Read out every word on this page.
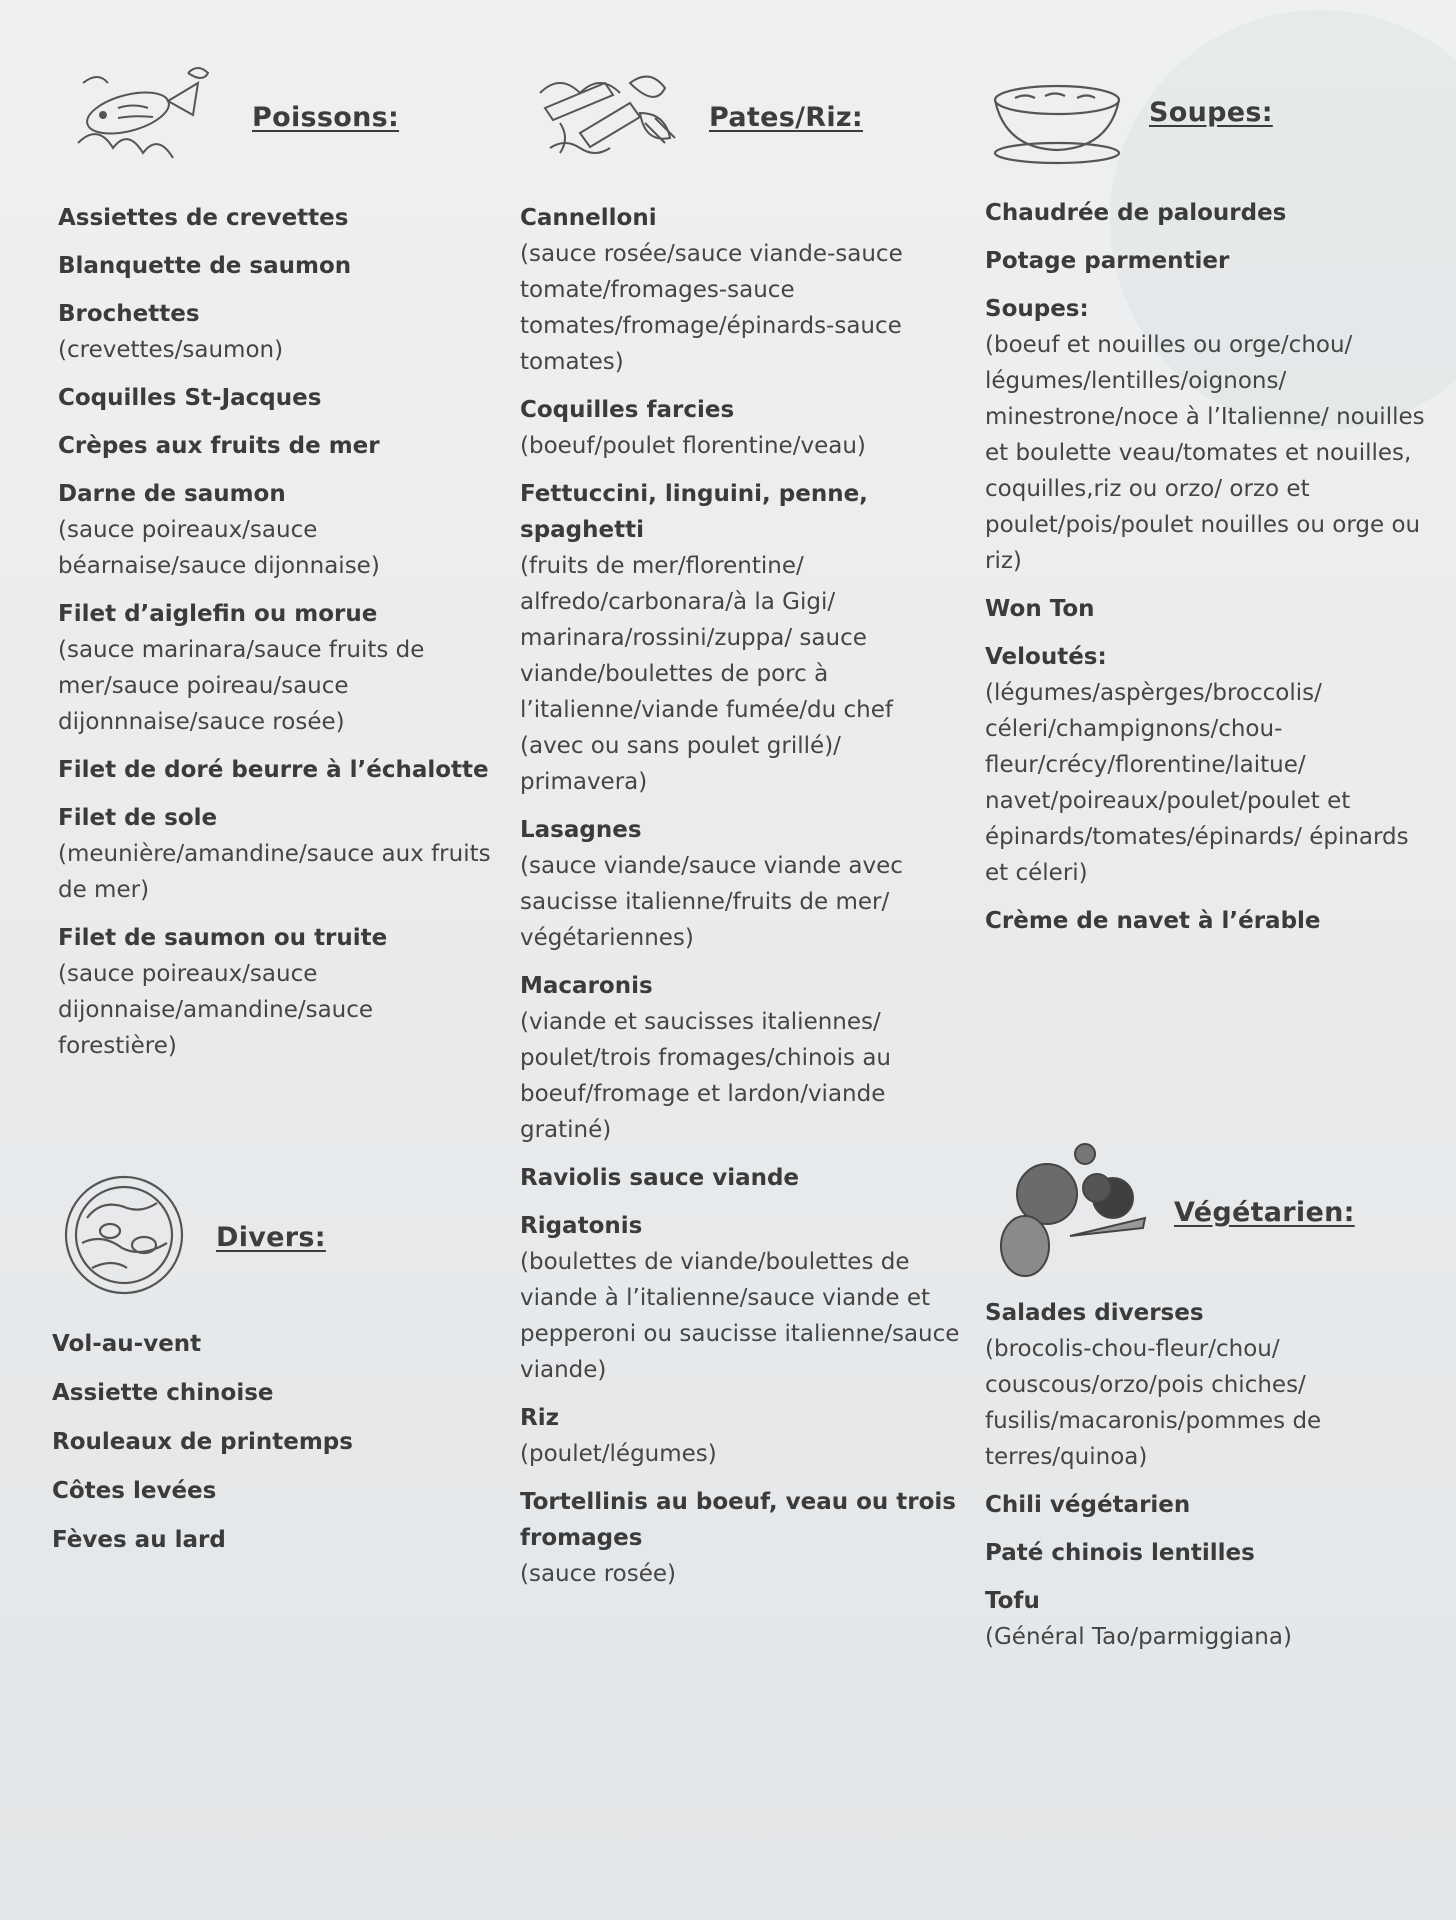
Poissons:
Assiettes de crevettes
Blanquette de saumon
Brochettes
(crevettes/saumon)
Coquilles St-Jacques
Crèpes aux fruits de mer
Darne de saumon
(sauce poireaux/sauce béarnaise/sauce dijonnaise)
Filet d’aiglefin ou morue
(sauce marinara/sauce fruits de mer/sauce poireau/sauce dijonnnaise/sauce rosée)
Filet de doré beurre à l’échalotte
Filet de sole
(meunière/amandine/sauce aux fruits de mer)
Filet de saumon ou truite
(sauce poireaux/sauce dijonnaise/amandine/sauce forestière)
Pates/Riz:
Cannelloni
(sauce rosée/sauce viande-sauce tomate/fromages-sauce tomates/fromage/épinards-sauce tomates)
Coquilles farcies
(boeuf/poulet florentine/veau)
Fettuccini, linguini, penne, spaghetti
(fruits de mer/florentine/ alfredo/carbonara/à la Gigi/ marinara/rossini/zuppa/ sauce viande/boulettes de porc à l’italienne/viande fumée/du chef (avec ou sans poulet grillé)/ primavera)
Lasagnes
(sauce viande/sauce viande avec saucisse italienne/fruits de mer/ végétariennes)
Macaronis
(viande et saucisses italiennes/ poulet/trois fromages/chinois au boeuf/fromage et lardon/viande gratiné)
Raviolis sauce viande
Rigatonis
(boulettes de viande/boulettes de viande à l’italienne/sauce viande et pepperoni ou saucisse italienne/sauce viande)
Riz
(poulet/légumes)
Tortellinis au boeuf, veau ou trois fromages
(sauce rosée)
Soupes:
Chaudrée de palourdes
Potage parmentier
Soupes:
(boeuf et nouilles ou orge/chou/ légumes/lentilles/oignons/ minestrone/noce à l’Italienne/ nouilles et boulette veau/tomates et nouilles, coquilles,riz ou orzo/ orzo et poulet/pois/poulet nouilles ou orge ou riz)
Won Ton
Veloutés:
(légumes/aspèrges/broccolis/ céleri/champignons/chou-fleur/crécy/florentine/laitue/ navet/poireaux/poulet/poulet et épinards/tomates/épinards/ épinards et céleri)
Crème de navet à l’érable
Divers:
Vol-au-vent
Assiette chinoise
Rouleaux de printemps
Côtes levées
Fèves au lard
Végétarien:
Salades diverses
(brocolis-chou-fleur/chou/ couscous/orzo/pois chiches/ fusilis/macaronis/pommes de terres/quinoa)
Chili végétarien
Paté chinois lentilles
Tofu
(Général Tao/parmiggiana)
